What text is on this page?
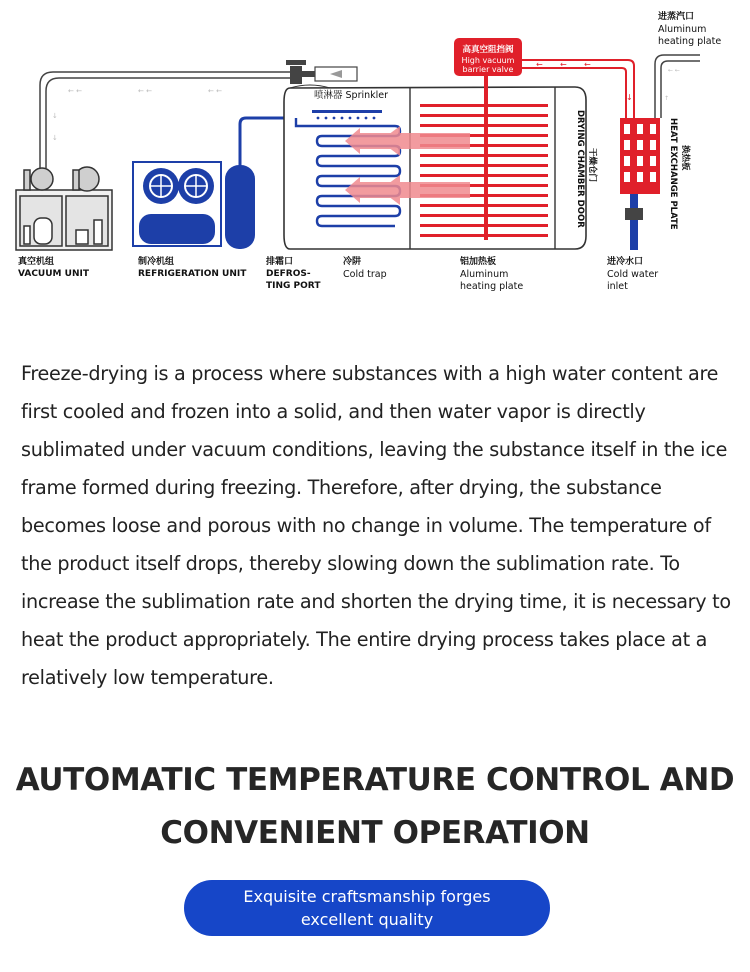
← ←	← ←	← ←
↓
↓
真空机组
VACUUM UNIT
制冷机组
REFRIGERATION UNIT
喷淋器 Sprinkler
高真空阻挡阀
High vacuum
barrier valve
← ← ←
↓
← ←
↑
DRYING CHAMBER DOOR 干燥仓门	HEAT EXCHANGE PLATE 换热板
排霜口
DEFROS-
TING PORT
冷阱
Cold trap
铝加热板
Aluminum
heating plate
进冷水口
Cold water
inlet
进蒸汽口
Aluminum
heating plate

Freeze-drying is a process where substances with a high water content are first cooled and frozen into a solid, and then water vapor is directly sublimated under vacuum conditions, leaving the substance itself in the ice frame formed during freezing. Therefore, after drying, the substance becomes loose and porous with no change in volume. The temperature of the product itself drops, thereby slowing down the sublimation rate. To increase the sublimation rate and shorten the drying time, it is necessary to heat the product appropriately. The entire drying process takes place at a relatively low temperature.

AUTOMATIC TEMPERATURE CONTROL AND
CONVENIENT OPERATION
Exquisite craftsmanship forges
excellent quality
